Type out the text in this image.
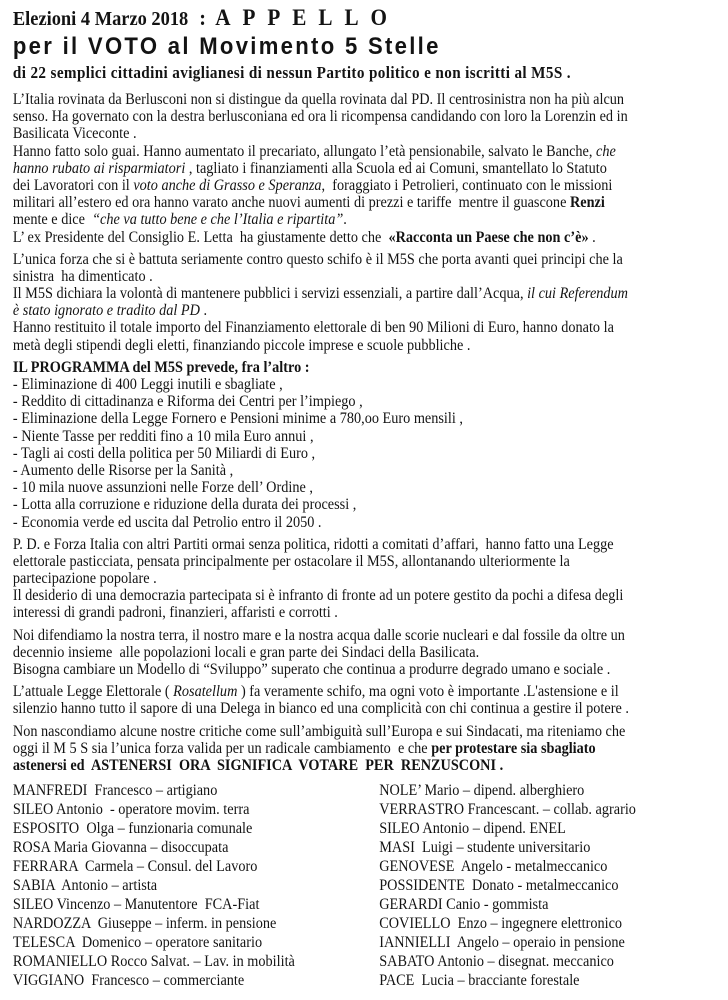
Elezioni 4 Marzo 2018 : APPELLO
per il VOTO al Movimento 5 Stelle
di 22 semplici cittadini aviglianesi di nessun Partito politico e non iscritti al M5S .
L’Italia rovinata da Berlusconi non si distingue da quella rovinata dal PD. Il centrosinistra non ha più alcun
senso. Ha governato con la destra berlusconiana ed ora li ricompensa candidando con loro la Lorenzin ed in
Basilicata Viceconte .
Hanno fatto solo guai. Hanno aumentato il precariato, allungato l’età pensionabile, salvato le Banche, che
hanno rubato ai risparmiatori , tagliato i finanziamenti alla Scuola ed ai Comuni, smantellato lo Statuto
dei Lavoratori con il voto anche di Grasso e Speranza,  foraggiato i Petrolieri, continuato con le missioni
militari all’estero ed ora hanno varato anche nuovi aumenti di prezzi e tariffe  mentre il guascone Renzi
mente e dice  “che va tutto bene e che l’Italia e ripartita”.
L’ ex Presidente del Consiglio E. Letta  ha giustamente detto che  «Racconta un Paese che non c’è» .
L’unica forza che si è battuta seriamente contro questo schifo è il M5S che porta avanti quei principi che la
sinistra  ha dimenticato .
Il M5S dichiara la volontà di mantenere pubblici i servizi essenziali, a partire dall’Acqua, il cui Referendum
è stato ignorato e tradito dal PD .
Hanno restituito il totale importo del Finanziamento elettorale di ben 90 Milioni di Euro, hanno donato la
metà degli stipendi degli eletti, finanziando piccole imprese e scuole pubbliche .
IL PROGRAMMA del M5S prevede, fra l’altro :
- Eliminazione di 400 Leggi inutili e sbagliate ,
- Reddito di cittadinanza e Riforma dei Centri per l’impiego ,
- Eliminazione della Legge Fornero e Pensioni minime a 780,oo Euro mensili ,
- Niente Tasse per redditi fino a 10 mila Euro annui ,
- Tagli ai costi della politica per 50 Miliardi di Euro ,
- Aumento delle Risorse per la Sanità ,
- 10 mila nuove assunzioni nelle Forze dell’ Ordine ,
- Lotta alla corruzione e riduzione della durata dei processi ,
- Economia verde ed uscita dal Petrolio entro il 2050 .
P. D. e Forza Italia con altri Partiti ormai senza politica, ridotti a comitati d’affari,  hanno fatto una Legge
elettorale pasticciata, pensata principalmente per ostacolare il M5S, allontanando ulteriormente la
partecipazione popolare .
Il desiderio di una democrazia partecipata si è infranto di fronte ad un potere gestito da pochi a difesa degli
interessi di grandi padroni, finanzieri, affaristi e corrotti .
Noi difendiamo la nostra terra, il nostro mare e la nostra acqua dalle scorie nucleari e dal fossile da oltre un
decennio insieme  alle popolazioni locali e gran parte dei Sindaci della Basilicata.
Bisogna cambiare un Modello di “Sviluppo” superato che continua a produrre degrado umano e sociale .
L’attuale Legge Elettorale ( Rosatellum ) fa veramente schifo, ma ogni voto è importante .L'astensione e il
silenzio hanno tutto il sapore di una Delega in bianco ed una complicità con chi continua a gestire il potere .
Non nascondiamo alcune nostre critiche come sull’ambiguità sull’Europa e sui Sindacati, ma riteniamo che
oggi il M 5 S sia l’unica forza valida per un radicale cambiamento  e che per protestare sia sbagliato
astenersi ed  ASTENERSI  ORA  SIGNIFICA  VOTARE  PER  RENZUSCONI .
MANFREDI  Francesco – artigiano
SILEO Antonio  - operatore movim. terra
ESPOSITO  Olga – funzionaria comunale
ROSA Maria Giovanna – disoccupata
FERRARA  Carmela – Consul. del Lavoro
SABIA  Antonio – artista
SILEO Vincenzo – Manutentore  FCA-Fiat
NARDOZZA  Giuseppe – inferm. in pensione
TELESCA  Domenico – operatore sanitario
ROMANIELLO Rocco Salvat. – Lav. in mobilità
VIGGIANO  Francesco – commerciante
NOLE’ Mario – dipend. alberghiero
VERRASTRO Francescant. – collab. agrario
SILEO Antonio – dipend. ENEL
MASI  Luigi – studente universitario
GENOVESE  Angelo - metalmeccanico
POSSIDENTE  Donato - metalmeccanico
GERARDI Canio - gommista
COVIELLO  Enzo – ingegnere elettronico
IANNIELLI  Angelo – operaio in pensione
SABATO Antonio – disegnat. meccanico
PACE  Lucia – bracciante forestale
